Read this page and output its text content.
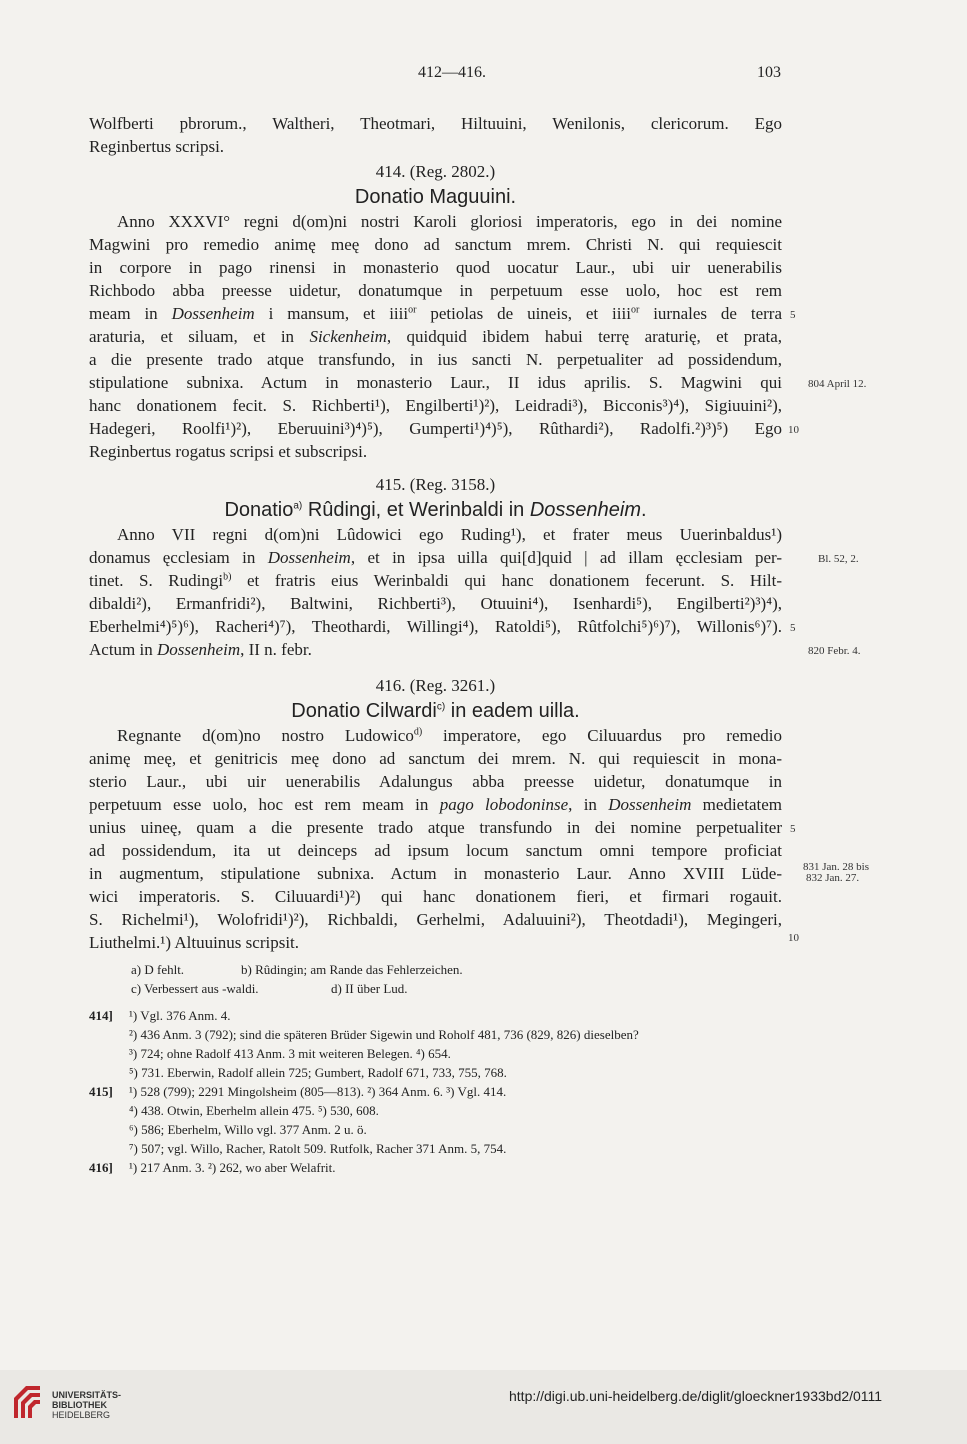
412—416.	103
Wolfberti pbrorum., Waltheri, Theotmari, Hiltuuini, Wenilonis, clericorum. Ego
Reginbertus scripsi.
414. (Reg. 2802.)
Donatio Maguuini.
Anno XXXVI° regni d(om)ni nostri Karoli gloriosi imperatoris, ego in dei nomine
Magwini pro remedio animę meę dono ad sanctum mrem. Christi N. qui requiescit
in corpore in pago rinensi in monasterio quod uocatur Laur., ubi uir uenerabilis
Richbodo abba preesse uidetur, donatumque in perpetuum esse uolo, hoc est rem
meam in Dossenheim i mansum, et iiii$^{or}$ petiolas de uineis, et iiii$^{or}$ iurnales de terra
araturia, et siluam, et in Sickenheim, quidquid ibidem habui terrę araturię, et prata,
a die presente trado atque transfundo, in ius sancti N. perpetualiter ad possidendum,
stipulatione subnixa. Actum in monasterio Laur., II idus aprilis. S. Magwini qui
hanc donationem fecit. S. Richberti¹), Engilberti¹)²), Leidradi³), Bicconis³)⁴), Sigiuuini²),
Hadegeri, Roolfi¹)²), Eberuuini³)⁴)⁵), Gumperti¹)⁴)⁵), Rûthardi²), Radolfi.²)³)⁵) Ego
Reginbertus rogatus scripsi et subscripsi.
5
804 April 12.
10
415. (Reg. 3158.)
Donatio$^{a)}$ Rûdingi, et Werinbaldi in Dossenheim.
Anno VII regni d(om)ni Lûdowici ego Ruding¹), et frater meus Uuerinbaldus¹)
donamus ęcclesiam in Dossenheim, et in ipsa uilla qui[d]quid | ad illam ęcclesiam per-
tinet. S. Rudingi$^{b)}$ et fratris eius Werinbaldi qui hanc donationem fecerunt. S. Hilt-
dibaldi²), Ermanfridi²), Baltwini, Richberti³), Otuuini⁴), Isenhardi⁵), Engilberti²)³)⁴),
Eberhelmi⁴)⁵)⁶), Racheri⁴)⁷), Theothardi, Willingi⁴), Ratoldi⁵), Rûtfolchi⁵)⁶)⁷), Willonis⁶)⁷).
Actum in Dossenheim, II n. febr.
Bl. 52, 2.
5
820 Febr. 4.
416. (Reg. 3261.)
Donatio Cilwardi$^{c)}$ in eadem uilla.
Regnante d(om)no nostro Ludowico$^{d)}$ imperatore, ego Ciluuardus pro remedio
animę meę, et genitricis meę dono ad sanctum dei mrem. N. qui requiescit in mona-
sterio Laur., ubi uir uenerabilis Adalungus abba preesse uidetur, donatumque in
perpetuum esse uolo, hoc est rem meam in pago lobodoninse, in Dossenheim medietatem
unius uineę, quam a die presente trado atque transfundo in dei nomine perpetualiter
ad possidendum, ita ut deinceps ad ipsum locum sanctum omni tempore proficiat
in augmentum, stipulatione subnixa. Actum in monasterio Laur. Anno XVIII Lüde-
wici imperatoris. S. Ciluuardi¹)²) qui hanc donationem fieri, et firmari rogauit.
S. Richelmi¹), Wolofridi¹)²), Richbaldi, Gerhelmi, Adaluuini²), Theotdadi¹), Megingeri,
Liuthelmi.¹) Altuuinus scripsit.
5
831 Jan. 28 bis
832 Jan. 27.
10
a) D fehlt.	b) Rûdingin; am Rande das Fehlerzeichen.
c) Verbessert aus -waldi.	d) II über Lud.
414] ¹) Vgl. 376 Anm. 4.
²) 436 Anm. 3 (792); sind die späteren Brüder Sigewin und Roholf 481, 736 (829, 826) dieselben?
³) 724; ohne Radolf 413 Anm. 3 mit weiteren Belegen. ⁴) 654.
⁵) 731. Eberwin, Radolf allein 725; Gumbert, Radolf 671, 733, 755, 768.
415] ¹) 528 (799); 2291 Mingolsheim (805—813). ²) 364 Anm. 6. ³) Vgl. 414.
⁴) 438. Otwin, Eberhelm allein 475. ⁵) 530, 608.
⁶) 586; Eberhelm, Willo vgl. 377 Anm. 2 u. ö.
⁷) 507; vgl. Willo, Racher, Ratolt 509. Rutfolk, Racher 371 Anm. 5, 754.
416] ¹) 217 Anm. 3. ²) 262, wo aber Welafrit.
UNIVERSITÄTS-
BIBLIOTHEK
HEIDELBERG
http://digi.ub.uni-heidelberg.de/diglit/gloeckner1933bd2/0111
